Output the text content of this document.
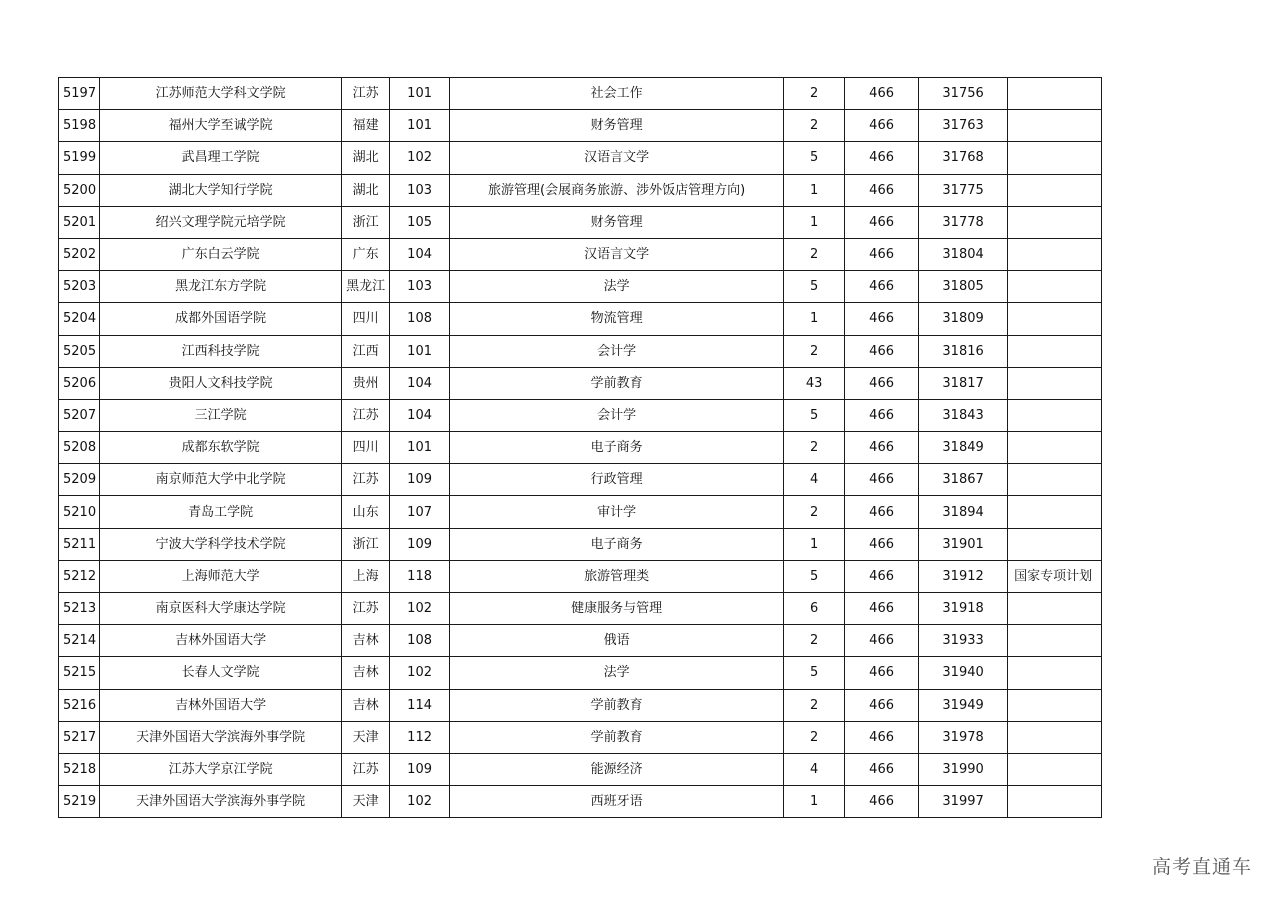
5197	江苏师范大学科文学院	江苏	101	社会工作	2	466	31756	
5198	福州大学至诚学院	福建	101	财务管理	2	466	31763	
5199	武昌理工学院	湖北	102	汉语言文学	5	466	31768	
5200	湖北大学知行学院	湖北	103	旅游管理(会展商务旅游、涉外饭店管理方向)	1	466	31775	
5201	绍兴文理学院元培学院	浙江	105	财务管理	1	466	31778	
5202	广东白云学院	广东	104	汉语言文学	2	466	31804	
5203	黑龙江东方学院	黑龙江	103	法学	5	466	31805	
5204	成都外国语学院	四川	108	物流管理	1	466	31809	
5205	江西科技学院	江西	101	会计学	2	466	31816	
5206	贵阳人文科技学院	贵州	104	学前教育	43	466	31817	
5207	三江学院	江苏	104	会计学	5	466	31843	
5208	成都东软学院	四川	101	电子商务	2	466	31849	
5209	南京师范大学中北学院	江苏	109	行政管理	4	466	31867	
5210	青岛工学院	山东	107	审计学	2	466	31894	
5211	宁波大学科学技术学院	浙江	109	电子商务	1	466	31901	
5212	上海师范大学	上海	118	旅游管理类	5	466	31912	国家专项计划
5213	南京医科大学康达学院	江苏	102	健康服务与管理	6	466	31918	
5214	吉林外国语大学	吉林	108	俄语	2	466	31933	
5215	长春人文学院	吉林	102	法学	5	466	31940	
5216	吉林外国语大学	吉林	114	学前教育	2	466	31949	
5217	天津外国语大学滨海外事学院	天津	112	学前教育	2	466	31978	
5218	江苏大学京江学院	江苏	109	能源经济	4	466	31990	
5219	天津外国语大学滨海外事学院	天津	102	西班牙语	1	466	31997	
高考直通车
